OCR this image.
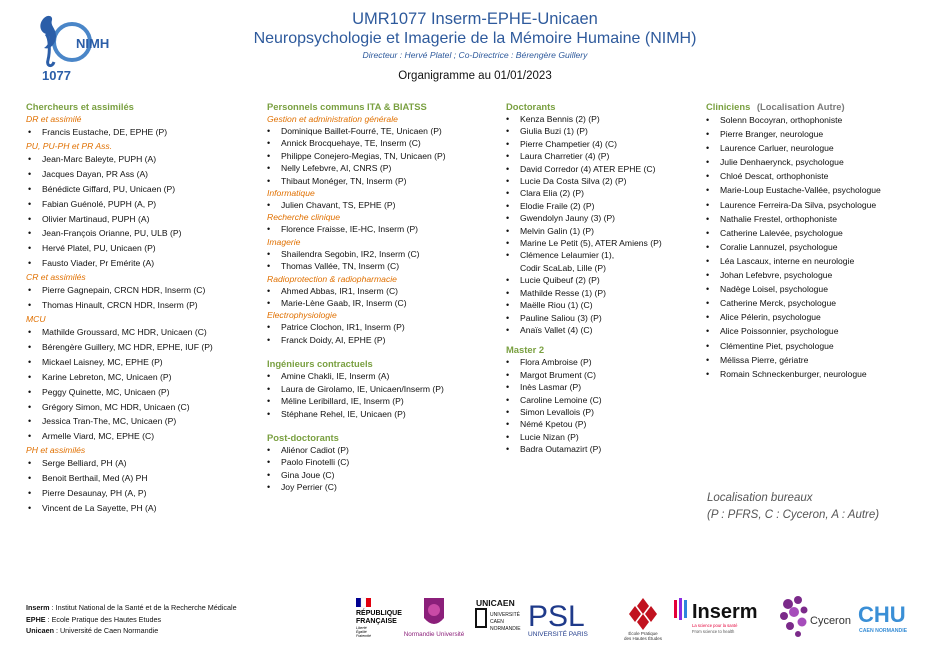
NIMH
1077
UMR1077 Inserm-EPHE-Unicaen
Neuropsychologie et Imagerie de la Mémoire Humaine (NIMH)
Directeur : Hervé Platel ; Co-Directrice : Bérengère Guillery
Organigramme au 01/01/2023
Chercheurs et assimilés
DR et assimilé
• Francis Eustache, DE, EPHE (P)
PU, PU-PH et PR Ass.
• Jean-Marc Baleyte, PUPH (A)
• Jacques Dayan, PR Ass (A)
• Bénédicte Giffard, PU, Unicaen (P)
• Fabian Guénolé, PUPH (A, P)
• Olivier Martinaud, PUPH (A)
• Jean-François Orianne, PU, ULB (P)
• Hervé Platel, PU, Unicaen (P)
• Fausto Viader, Pr Emérite (A)
CR et assimilés
• Pierre Gagnepain, CRCN HDR, Inserm (C)
• Thomas Hinault, CRCN HDR, Inserm (P)
MCU
• Mathilde Groussard, MC HDR, Unicaen (C)
• Bérengère Guillery, MC HDR, EPHE, IUF (P)
• Mickael Laisney, MC, EPHE (P)
• Karine Lebreton, MC, Unicaen (P)
• Peggy Quinette, MC, Unicaen (P)
• Grégory Simon, MC HDR, Unicaen (C)
• Jessica Tran-The, MC, Unicaen (P)
• Armelle Viard, MC, EPHE (C)
PH et assimilés
• Serge Belliard, PH (A)
• Benoit Berthail, Med (A) PH
• Pierre Desaunay, PH (A, P)
• Vincent de La Sayette, PH (A)
Personnels communs ITA & BIATSS
Gestion et administration générale
• Dominique Baillet-Fourré, TE, Unicaen (P)
• Annick Brocquehaye, TE, Inserm (C)
• Philippe Conejero-Megias, TN, Unicaen (P)
• Nelly Lefebvre, AI, CNRS (P)
• Thibaut Monéger, TN, Inserm (P)
Informatique
• Julien Chavant, TS, EPHE (P)
Recherche clinique
• Florence Fraisse, IE-HC, Inserm (P)
Imagerie
• Shailendra Segobin, IR2, Inserm (C)
• Thomas Vallée, TN, Inserm (C)
Radioprotection & radiopharmacie
• Ahmed Abbas, IR1, Inserm (C)
• Marie-Lène Gaab, IR, Inserm (C)
Electrophysiologie
• Patrice Clochon, IR1, Inserm (P)
• Franck Doidy, AI, EPHE (P)
Ingénieurs contractuels
• Amine Chakli, IE, Inserm (A)
• Laura de Girolamo, IE, Unicaen/Inserm (P)
• Méline Leribillard, IE, Inserm (P)
• Stéphane Rehel, IE, Unicaen (P)
Post-doctorants
• Aliénor Cadiot (P)
• Paolo Finotelli (C)
• Gina Joue (C)
• Joy Perrier (C)
Doctorants
• Kenza Bennis (2) (P)
• Giulia Buzi (1) (P)
• Pierre Champetier (4) (C)
• Laura Charretier (4) (P)
• David Corredor (4) ATER EPHE (C)
• Lucie Da Costa Silva (2) (P)
• Clara Elia (2) (P)
• Elodie Fraile (2) (P)
• Gwendolyn Jauny (3) (P)
• Melvin Galin (1) (P)
• Marine Le Petit (5), ATER Amiens (P)
• Clémence Lelaumier (1),
Codir ScaLab, Lille (P)
• Lucie Quibeuf (2) (P)
• Mathilde Resse (1) (P)
• Maëlle Riou (1) (C)
• Pauline Saliou (3) (P)
• Anaïs Vallet (4) (C)
Master 2
• Flora Ambroise (P)
• Margot Brument (C)
• Inès Lasmar (P)
• Caroline Lemoine (C)
• Simon Levallois (P)
• Némé Kpetou (P)
• Lucie Nizan (P)
• Badra Outamazirt (P)
Cliniciens (Localisation Autre)
• Solenn Bocoyran, orthophoniste
• Pierre Branger, neurologue
• Laurence Carluer, neurologue
• Julie Denhaerynck, psychologue
• Chloé Descat, orthophoniste
• Marie-Loup Eustache-Vallée, psychologue
• Laurence Ferreira-Da Silva, psychologue
• Nathalie Frestel, orthophoniste
• Catherine Lalevée, psychologue
• Coralie Lannuzel, psychologue
• Léa Lascaux, interne en neurologie
• Johan Lefebvre, psychologue
• Nadège Loisel, psychologue
• Catherine Merck, psychologue
• Alice Pélerin, psychologue
• Alice Poissonnier, psychologue
• Clémentine Piet, psychologue
• Mélissa Pierre, gériatre
• Romain Schneckenburger, neurologue
Localisation bureaux
(P : PFRS, C : Cyceron, A : Autre)
Inserm : Institut National de la Santé et de la Recherche Médicale
EPHE : Ecole Pratique des Hautes Etudes
Unicaen : Université de Caen Normandie
RÉPUBLIQUE
FRANÇAISE
Liberté
Égalité
Fraternité	Normandie Université
UNICAEN
UNIVERSITÉ
CAEN
NORMANDIE PSL
UNIVERSITÉ PARIS	École Pratique
des Hautes Études
Inserm
La science pour la santé
From science to health
Cyceron CHU
CAEN NORMANDIE
